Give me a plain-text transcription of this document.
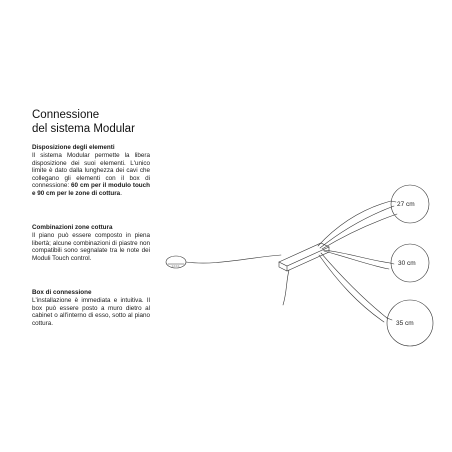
Connessione
del sistema Modular
Disposizione degli elementi
Il sistema Modular permette la libera disposizione dei suoi elementi. L'unico limite è dato dalla lunghezza dei cavi che collegano gli elementi con il box di connessione: 60 cm per il modulo touch e 90 cm per le zone di cottura.
Combinazioni zone cottura
Il piano può essere composto in piena libertà; alcune combinazioni di piastre non compatibili sono segnalate tra le note dei Moduli Touch control.
Box di connessione
L'installazione è immediata e intuitiva. Il box può essere posto a muro dietro al cabinet o all'interno di esso, sotto al piano cottura.
27 cm
30 cm
35 cm
